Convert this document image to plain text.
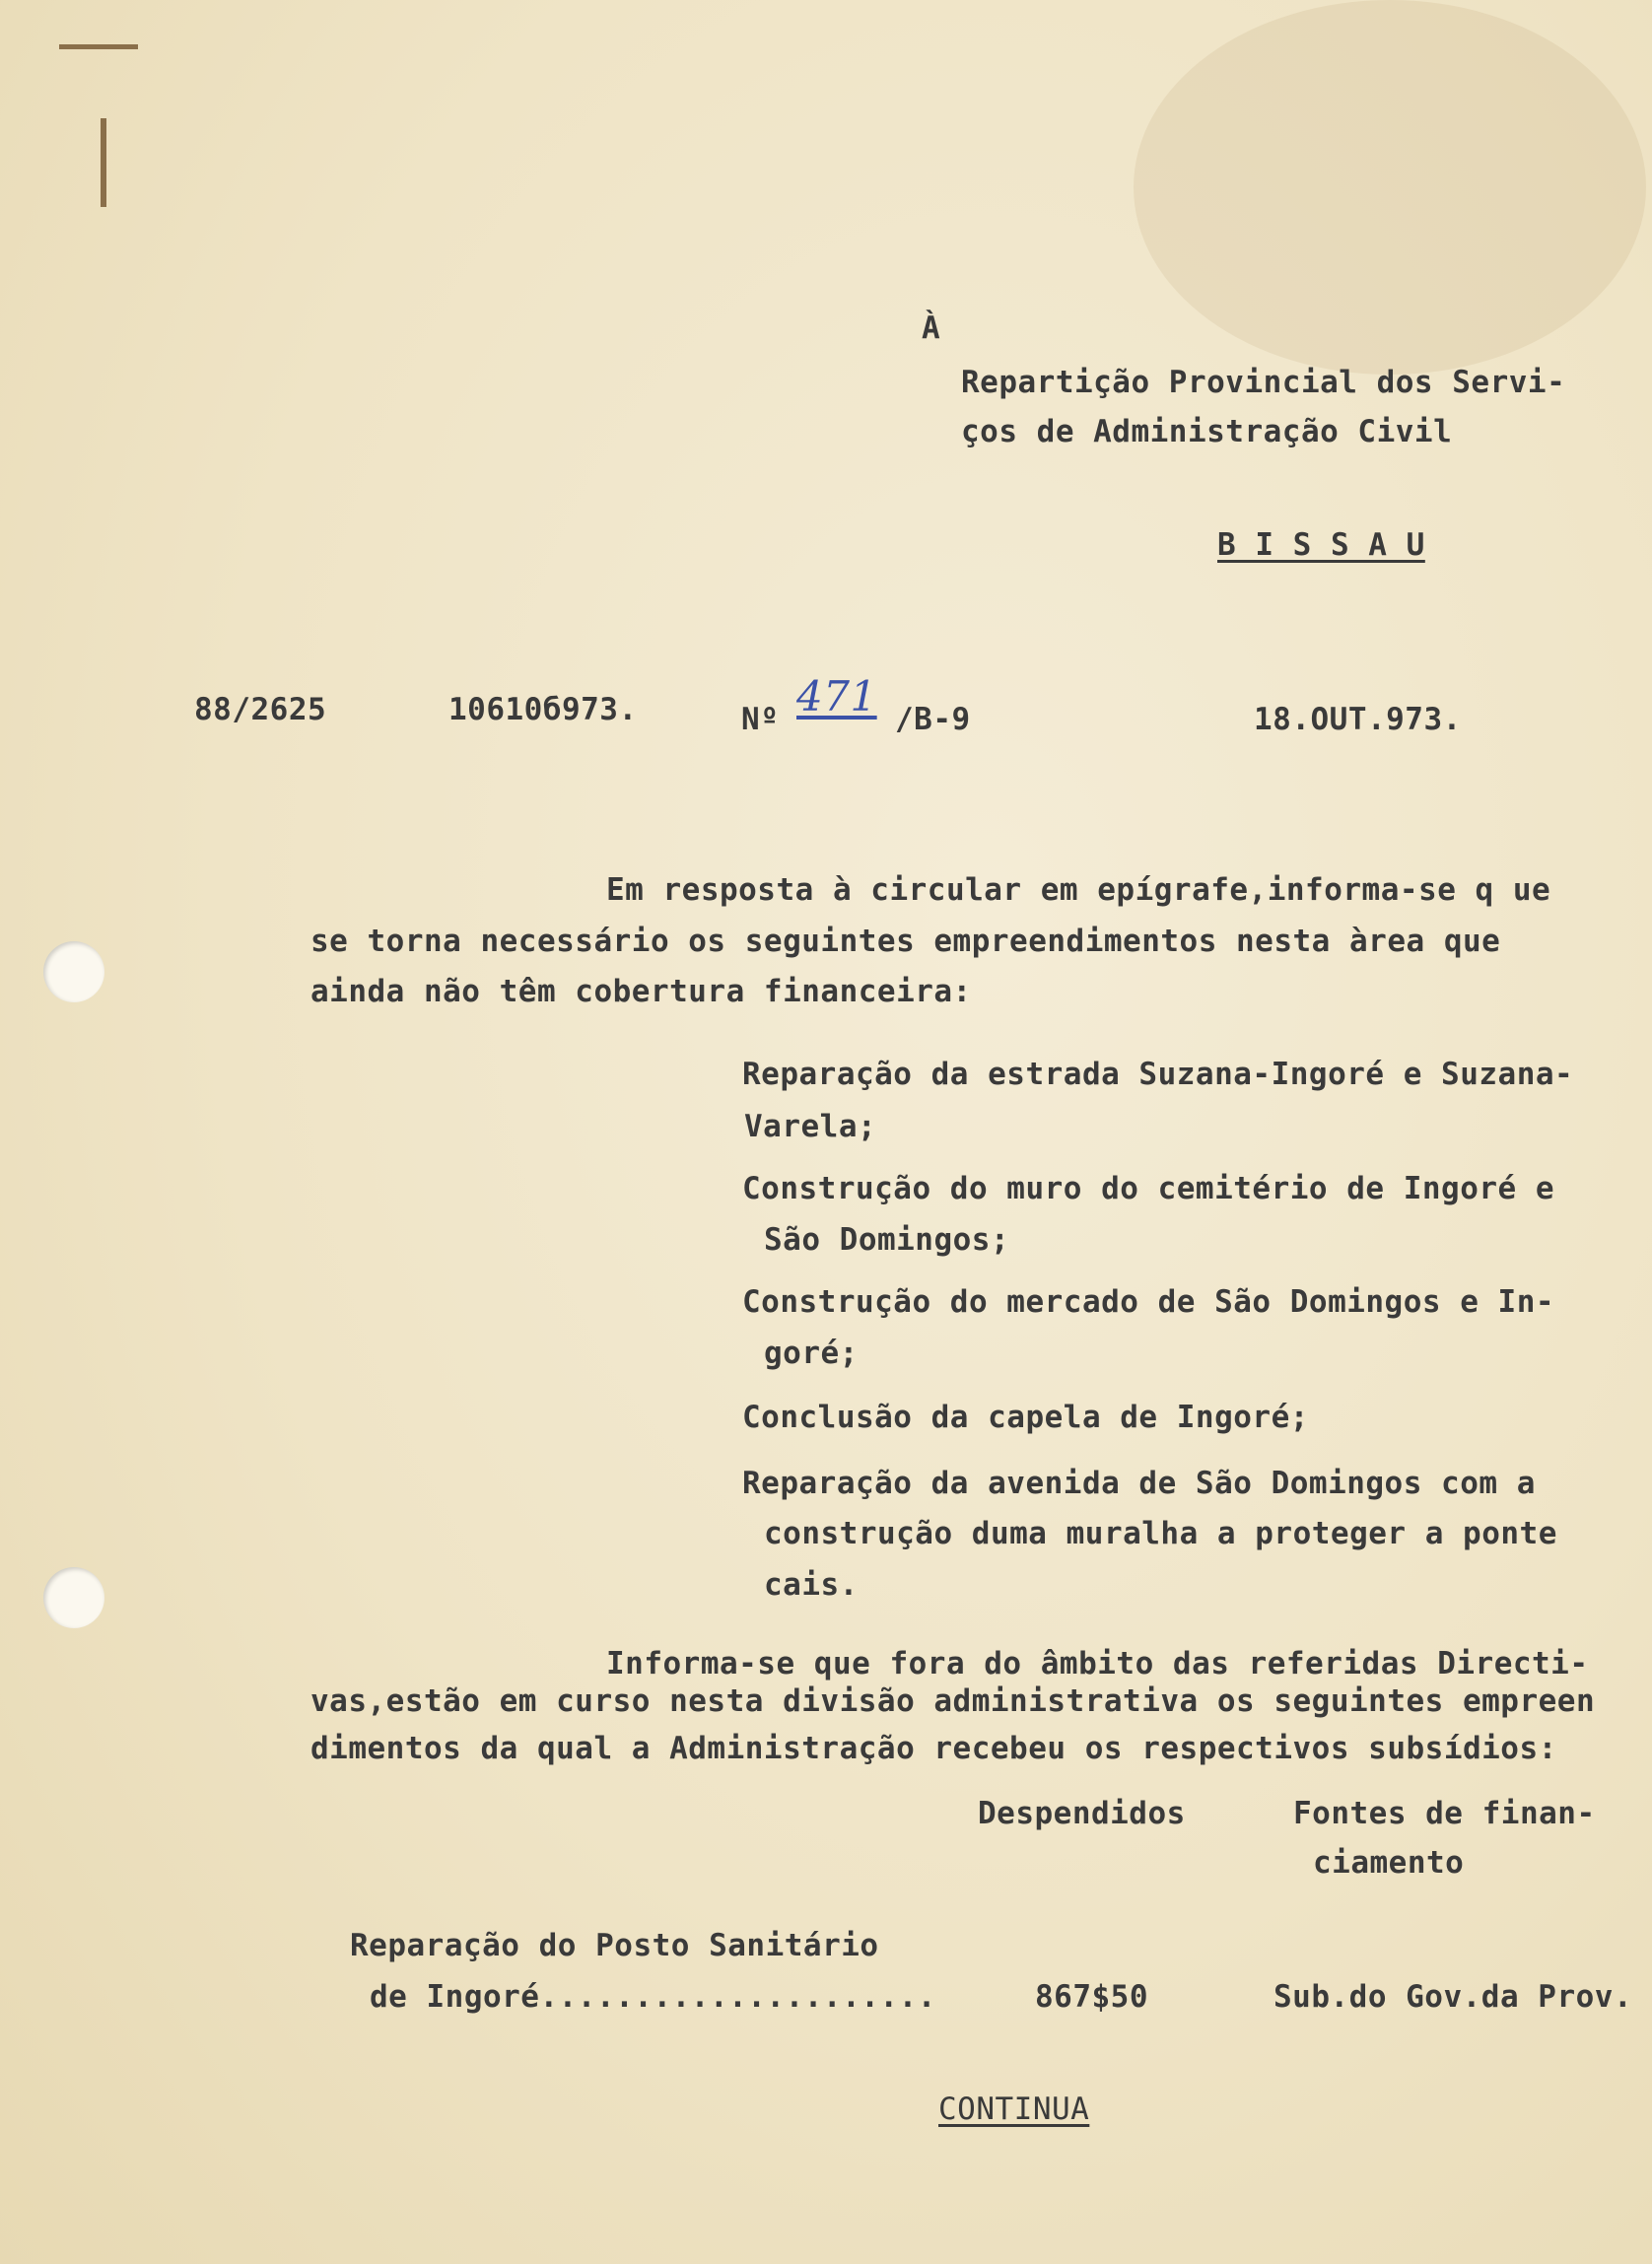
À
Repartição Provincial dos Servi-
ços de Administração Civil
B I S S A U
88/2625	10610б973.	Nº 471 /B-9	18.OUT.973.
Em resposta à circular em epígrafe,informa-se q ue
se torna necessário os seguintes empreendimentos nesta àrea que
ainda não têm cobertura financeira:
Reparação da estrada Suzana-Ingoré e Suzana-
Varela;
Construção do muro do cemitério de Ingoré e
São Domingos;
Construção do mercado de São Domingos e In-
goré;
Conclusão da capela de Ingoré;
Reparação da avenida de São Domingos com a
construção duma muralha a proteger a ponte
cais.
Informa-se que fora do âmbito das referidas Directi-
vas,estão em curso nesta divisão administrativa os seguintes empreen
dimentos da qual a Administração recebeu os respectivos subsídios:
Despendidos	Fontes de finan-
ciamento
Reparação do Posto Sanitário
de Ingoré.....................	867$50	Sub.do Gov.da Prov.
CONTINUA
